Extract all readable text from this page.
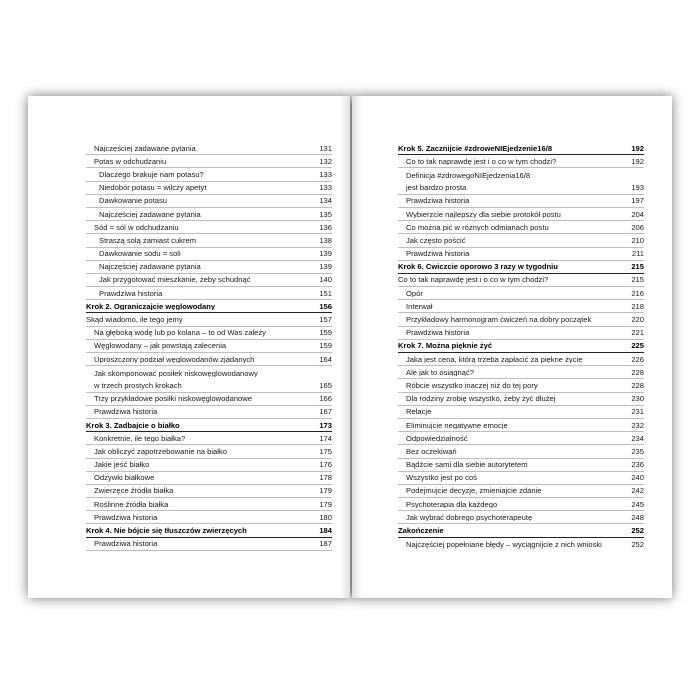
Najczęściej zadawane pytania	131
Potas w odchudzaniu	132
Dlaczego brakuje nam potasu?	133
Niedobór potasu = wilczy apetyt	133
Dawkowanie potasu	134
Najczęściej zadawane pytania	135
Sód = sól w odchudzaniu	136
Straszą solą zamiast cukrem	138
Dawkowanie sodu = soli	139
Najczęściej zadawane pytania	139
Jak przygotować mieszkanie, żeby schudnąć	140
Prawdziwa historia	151
Krok 2. Ograniczajcie węglowodany	156
Skąd wiadomo, ile tego jemy	157
Na głęboką wodę lub po kolana – to od Was zależy	159
Węglowodany – jak powstają zalecenia	159
Uproszczony podział węglowodanów zjadanych	164
Jak skomponować posiłek niskowęglowodanowy
w trzech prostych krokach	165
Trzy przykładowe posiłki niskowęglowodanowe	166
Prawdziwa historia	167
Krok 3. Zadbajcie o białko	173
Konkretnie, ile tego białka?	174
Jak obliczyć zapotrzebowanie na białko	175
Jakie jeść białko	176
Odżywki białkowe	178
Zwierzęce źródła białka	179
Roślinne źródła białka	179
Prawdziwa historia	180
Krok 4. Nie bójcie się tłuszczów zwierzęcych	184
Prawdziwa historia	187
Krok 5. Zacznijcie #zdroweNIEjedzenie16/8	192
Co to tak naprawdę jest i o co w tym chodzi?	192
Definicja #zdrowegoNIEjedzenia16/8
jest bardzo prosta	193
Prawdziwa historia	197
Wybierzcie najlepszy dla siebie protokół postu	204
Co można pić w różnych odmianach postu	206
Jak często pościć	210
Prawdziwa historia	211
Krok 6. Ćwiczcie oporowo 3 razy w tygodniu	215
Co to tak naprawdę jest i o co w tym chodzi?	215
Opór	216
Interwał	218
Przykładowy harmonogram ćwiczeń na dobry początek	220
Prawdziwa historia	221
Krok 7. Można pięknie żyć	225
Jaka jest cena, którą trzeba zapłacić za piękne życie	226
Ale jak to osiągnąć?	228
Róbcie wszystko inaczej niż do tej pory	228
Dla rodziny zrobię wszystko, żeby żyć dłużej	230
Relacje	231
Eliminujcie negatywne emocje	232
Odpowiedzialność	234
Bez oczekiwań	235
Bądźcie sami dla siebie autorytetem	236
Wszystko jest po coś	240
Podejmujcie decyzje, zmieniajcie zdanie	242
Psychoterapia dla każdego	245
Jak wybrać dobrego psychoterapeutę	248
Zakończenie	252
Najczęściej popełniane błędy – wyciągnijcie z nich wnioski	252
